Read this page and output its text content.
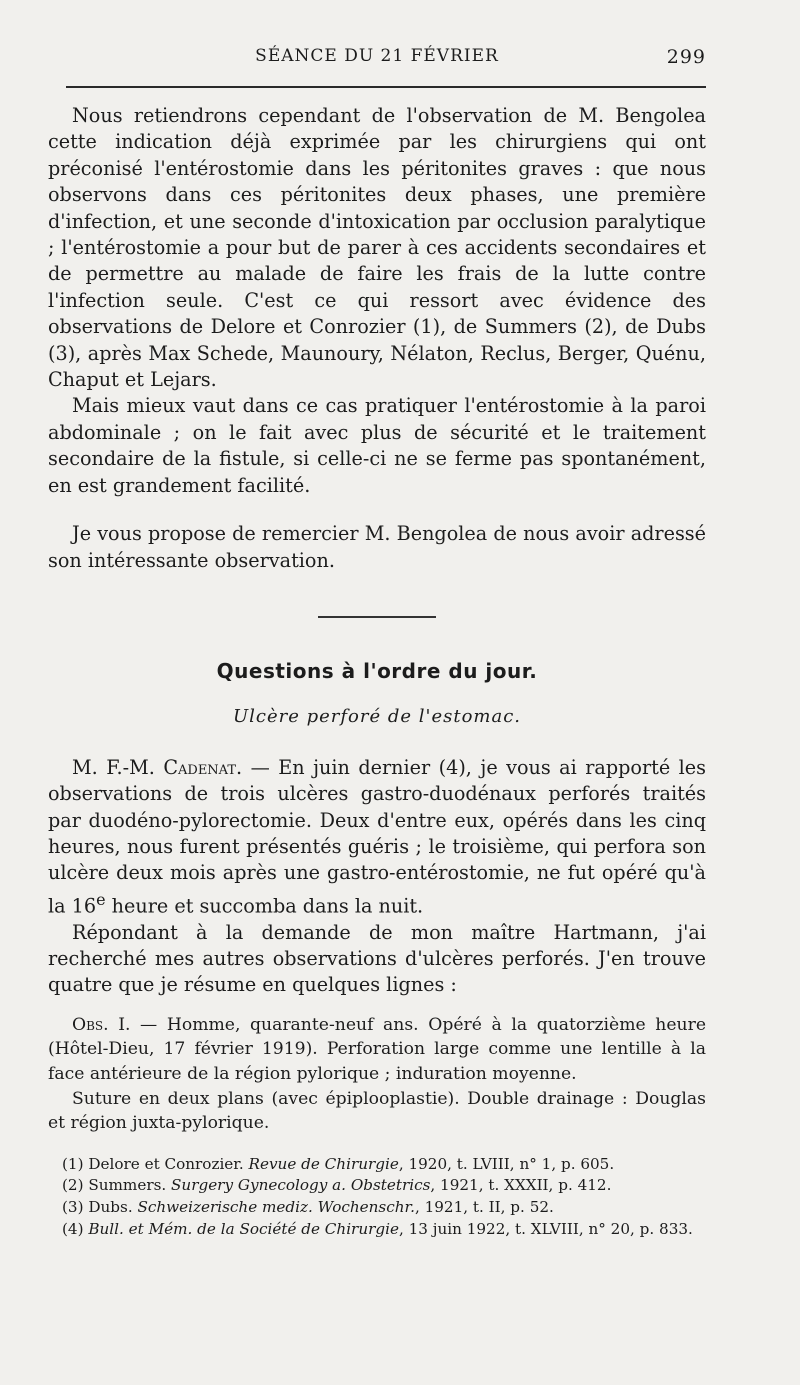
SÉANCE DU 21 FÉVRIER	299

Nous retiendrons cependant de l'observation de M. Bengolea cette indication déjà exprimée par les chirurgiens qui ont préconisé l'entérostomie dans les péritonites graves : que nous observons dans ces péritonites deux phases, une première d'infection, et une seconde d'intoxication par occlusion paralytique ; l'entérostomie a pour but de parer à ces accidents secondaires et de permettre au malade de faire les frais de la lutte contre l'infection seule. C'est ce qui ressort avec évidence des observations de Delore et Conrozier (1), de Summers (2), de Dubs (3), après Max Schede, Maunoury, Nélaton, Reclus, Berger, Quénu, Chaput et Lejars.

Mais mieux vaut dans ce cas pratiquer l'entérostomie à la paroi abdominale ; on le fait avec plus de sécurité et le traitement secondaire de la fistule, si celle-ci ne se ferme pas spontanément, en est grandement facilité.

Je vous propose de remercier M. Bengolea de nous avoir adressé son intéressante observation.

Questions à l'ordre du jour.
Ulcère perforé de l'estomac.

M. F.-M. Cadenat. — En juin dernier (4), je vous ai rapporté les observations de trois ulcères gastro-duodénaux perforés traités par duodéno-pylorectomie. Deux d'entre eux, opérés dans les cinq heures, nous furent présentés guéris ; le troisième, qui perfora son ulcère deux mois après une gastro-entérostomie, ne fut opéré qu'à la 16e heure et succomba dans la nuit.

Répondant à la demande de mon maître Hartmann, j'ai recherché mes autres observations d'ulcères perforés. J'en trouve quatre que je résume en quelques lignes :

Obs. I. — Homme, quarante-neuf ans. Opéré à la quatorzième heure (Hôtel-Dieu, 17 février 1919). Perforation large comme une lentille à la face antérieure de la région pylorique ; induration moyenne.

Suture en deux plans (avec épiplooplastie). Double drainage : Douglas et région juxta-pylorique.

(1) Delore et Conrozier. Revue de Chirurgie, 1920, t. LVIII, n° 1, p. 605.

(2) Summers. Surgery Gynecology a. Obstetrics, 1921, t. XXXII, p. 412.

(3) Dubs. Schweizerische mediz. Wochenschr., 1921, t. II, p. 52.

(4) Bull. et Mém. de la Société de Chirurgie, 13 juin 1922, t. XLVIII, n° 20, p. 833.
